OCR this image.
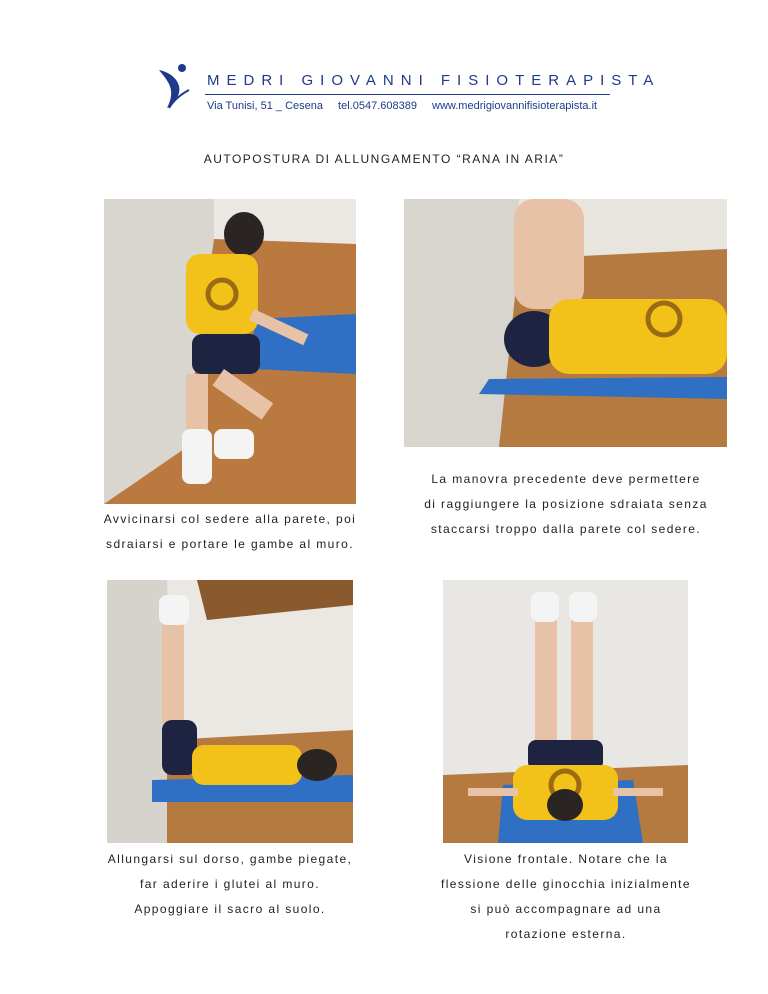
MEDRI GIOVANNI FISIOTERAPISTA
Via Tunisi, 51 _ Cesena tel.0547.608389 www.medrigiovannifisioterapista.it
AUTOPOSTURA DI ALLUNGAMENTO “RANA IN ARIA”
Avvicinarsi col sedere alla parete, poi
sdraiarsi e portare le gambe al muro.
La manovra precedente deve permettere
di raggiungere la posizione sdraiata senza
staccarsi troppo dalla parete col sedere.
Allungarsi sul dorso, gambe piegate,
far aderire i glutei al muro.
Appoggiare il sacro al suolo.
Visione frontale. Notare che la
flessione delle ginocchia inizialmente
si può accompagnare ad una
rotazione esterna.
